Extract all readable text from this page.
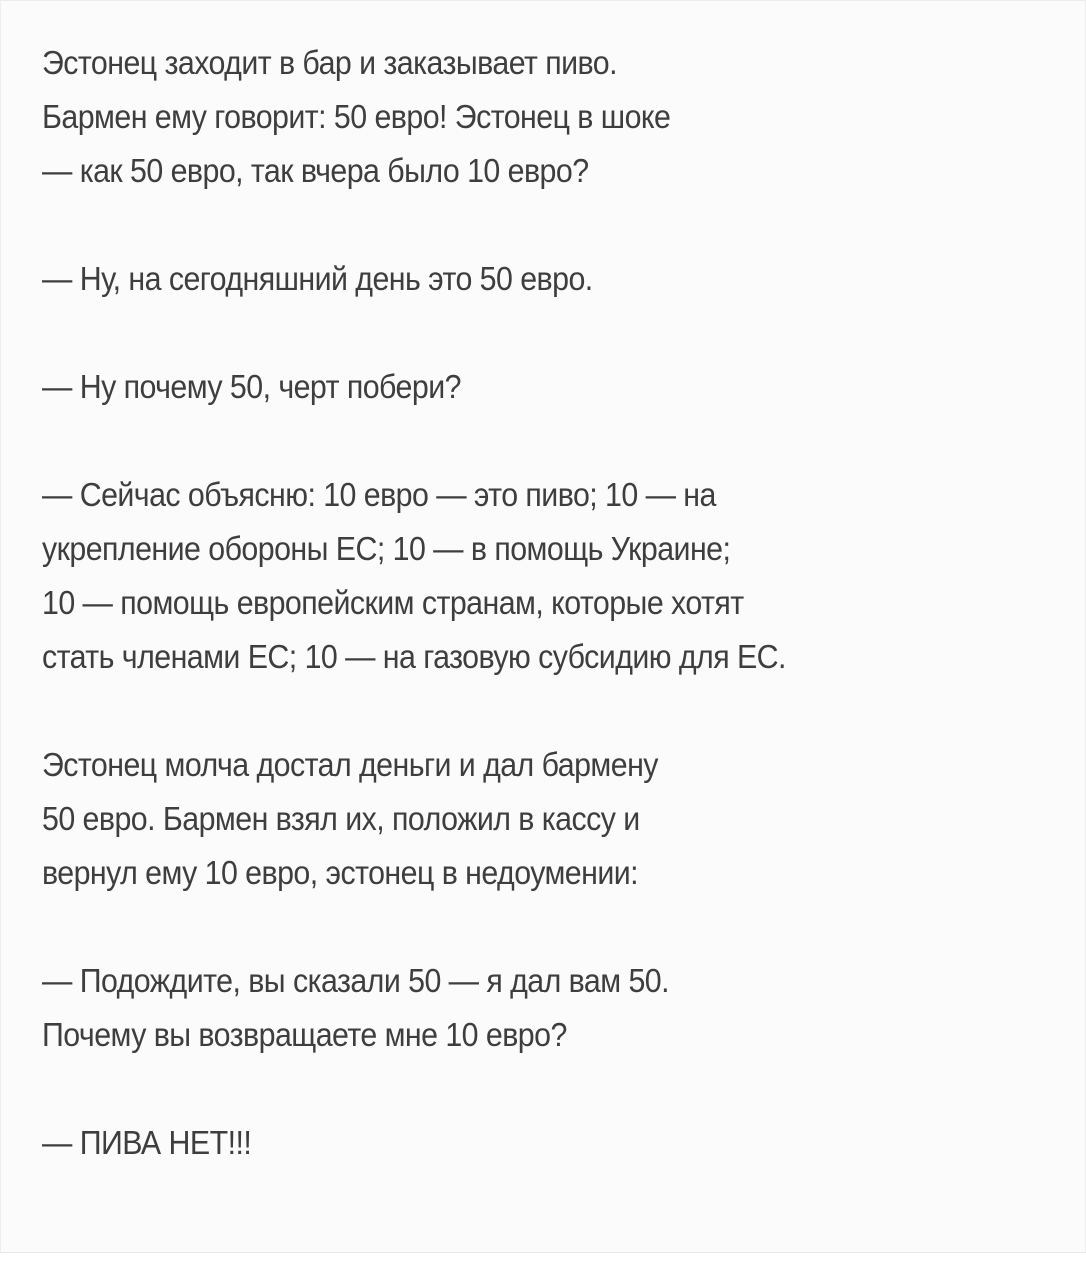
Эстонец заходит в бар и заказывает пиво.
Бармен ему говорит: 50 евро! Эстонец в шоке
— как 50 евро, так вчера было 10 евро?
— Ну, на сегодняшний день это 50 евро.
— Ну почему 50, черт побери?
— Сейчас объясню: 10 евро — это пиво; 10 — на
укрепление обороны ЕС; 10 — в помощь Украине;
10 — помощь европейским странам, которые хотят
стать членами ЕС; 10 — на газовую субсидию для ЕС.
Эстонец молча достал деньги и дал бармену
50 евро. Бармен взял их, положил в кассу и
вернул ему 10 евро, эстонец в недоумении:
— Подождите, вы сказали 50 — я дал вам 50.
Почему вы возвращаете мне 10 евро?
— ПИВА НЕТ!!!
